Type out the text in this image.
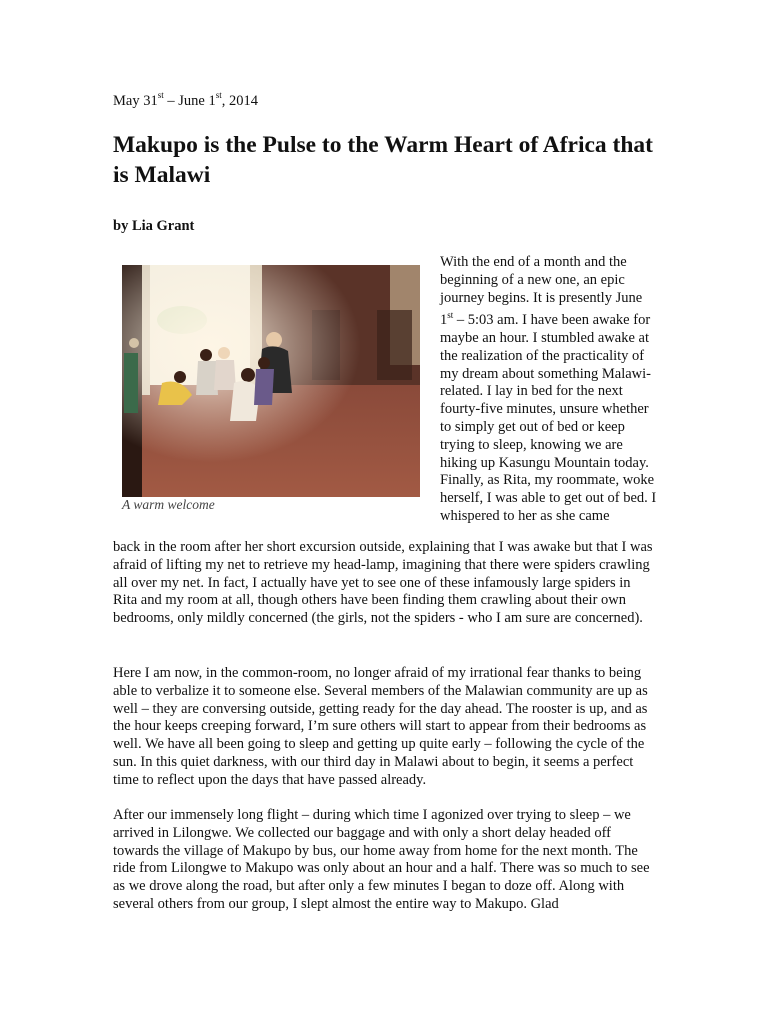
May 31st – June 1st, 2014
Makupo is the Pulse to the Warm Heart of Africa that is Malawi
by Lia Grant
A warm welcome

With the end of a month and the beginning of a new one, an epic journey begins. It is presently June 1st – 5:03 am. I have been awake for maybe an hour. I stumbled awake at the realization of the practicality of my dream about something Malawi-related. I lay in bed for the next fourty-five minutes, unsure whether to simply get out of bed or keep trying to sleep, knowing we are hiking up Kasungu Mountain today. Finally, as Rita, my roommate, woke herself, I was able to get out of bed. I whispered to her as she came

back in the room after her short excursion outside, explaining that I was awake but that I was afraid of lifting my net to retrieve my head-lamp, imagining that there were spiders crawling all over my net. In fact, I actually have yet to see one of these infamously large spiders in Rita and my room at all, though others have been finding them crawling about their own bedrooms, only mildly concerned (the girls, not the spiders - who I am sure are concerned).

Here I am now, in the common-room, no longer afraid of my irrational fear thanks to being able to verbalize it to someone else. Several members of the Malawian community are up as well – they are conversing outside, getting ready for the day ahead. The rooster is up, and as the hour keeps creeping forward, I’m sure others will start to appear from their bedrooms as well. We have all been going to sleep and getting up quite early – following the cycle of the sun. In this quiet darkness, with our third day in Malawi about to begin, it seems a perfect time to reflect upon the days that have passed already.

After our immensely long flight – during which time I agonized over trying to sleep – we arrived in Lilongwe. We collected our baggage and with only a short delay headed off towards the village of Makupo by bus, our home away from home for the next month. The ride from Lilongwe to Makupo was only about an hour and a half. There was so much to see as we drove along the road, but after only a few minutes I began to doze off. Along with several others from our group, I slept almost the entire way to Makupo. Glad
